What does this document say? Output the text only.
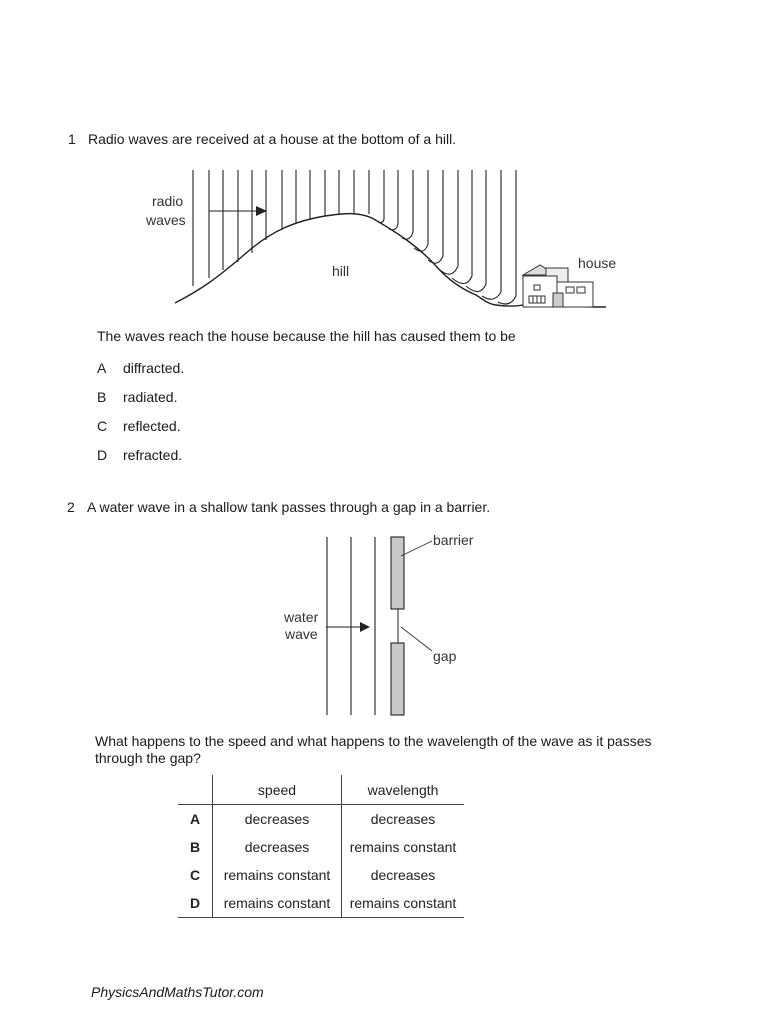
1 Radio waves are received at a house at the bottom of a hill.
radio
waves
hill	house
The waves reach the house because the hill has caused them to be
A diffracted.
B radiated.
C reflected.
D refracted.
2 A water wave in a shallow tank passes through a gap in a barrier.
barrier
water
wave
gap
What happens to the speed and what happens to the wavelength of the wave as it passes
through the gap?
	speed	wavelength
A	decreases	decreases
B	decreases	remains constant
C	remains constant	decreases
D	remains constant	remains constant
PhysicsAndMathsTutor.com
